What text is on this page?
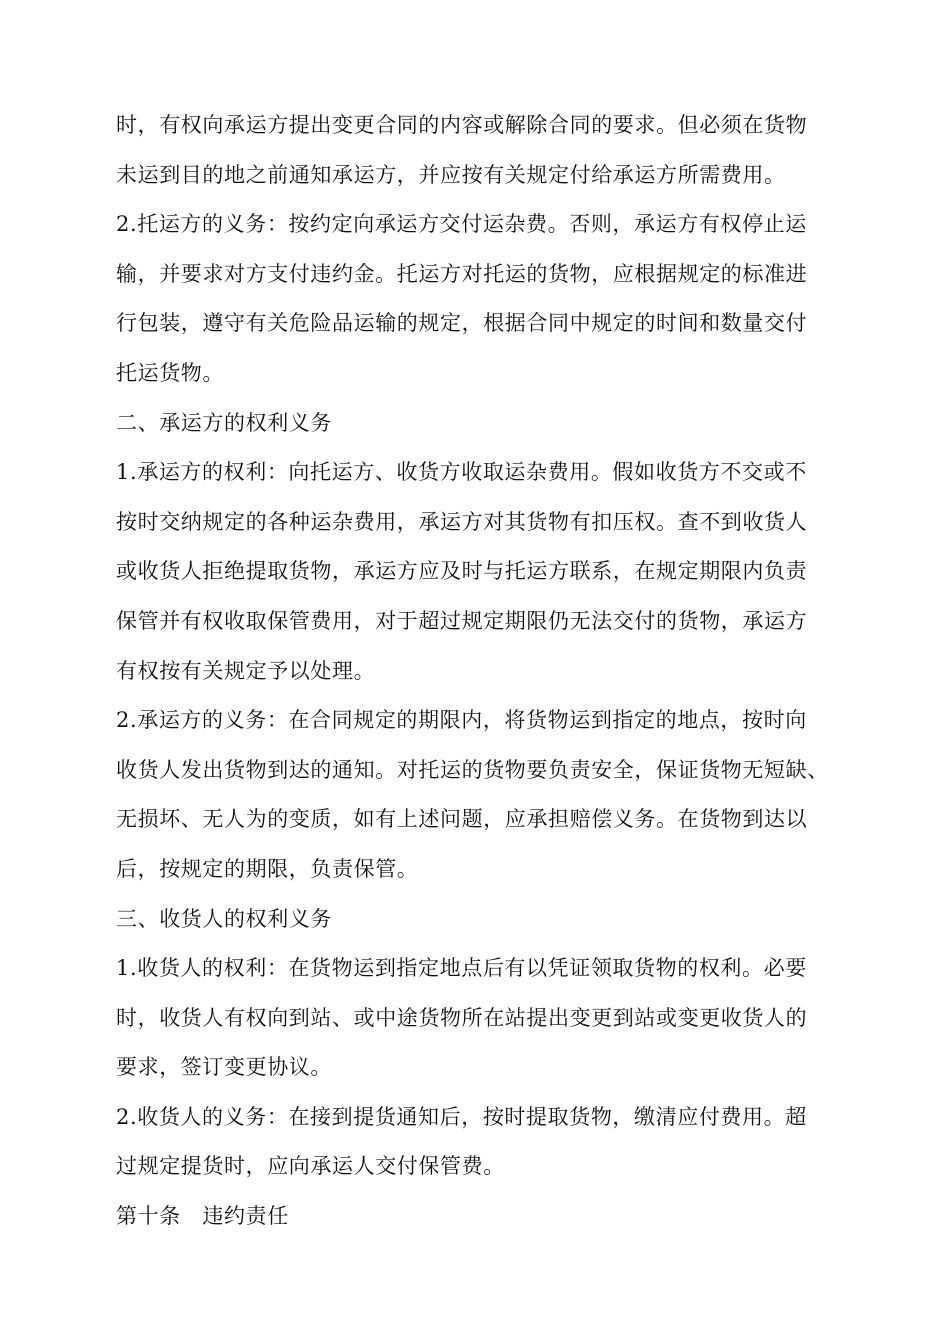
时，有权向承运方提出变更合同的内容或解除合同的要求。但必须在货物
未运到目的地之前通知承运方，并应按有关规定付给承运方所需费用。
2.托运方的义务：按约定向承运方交付运杂费。否则，承运方有权停止运
输，并要求对方支付违约金。托运方对托运的货物，应根据规定的标准进
行包装，遵守有关危险品运输的规定，根据合同中规定的时间和数量交付
托运货物。
二、承运方的权利义务
1.承运方的权利：向托运方、收货方收取运杂费用。假如收货方不交或不
按时交纳规定的各种运杂费用，承运方对其货物有扣压权。查不到收货人
或收货人拒绝提取货物，承运方应及时与托运方联系，在规定期限内负责
保管并有权收取保管费用，对于超过规定期限仍无法交付的货物，承运方
有权按有关规定予以处理。
2.承运方的义务：在合同规定的期限内，将货物运到指定的地点，按时向
收货人发出货物到达的通知。对托运的货物要负责安全，保证货物无短缺、
无损坏、无人为的变质，如有上述问题，应承担赔偿义务。在货物到达以
后，按规定的期限，负责保管。
三、收货人的权利义务
1.收货人的权利：在货物运到指定地点后有以凭证领取货物的权利。必要
时，收货人有权向到站、或中途货物所在站提出变更到站或变更收货人的
要求，签订变更协议。
2.收货人的义务：在接到提货通知后，按时提取货物，缴清应付费用。超
过规定提货时，应向承运人交付保管费。
第十条　违约责任
